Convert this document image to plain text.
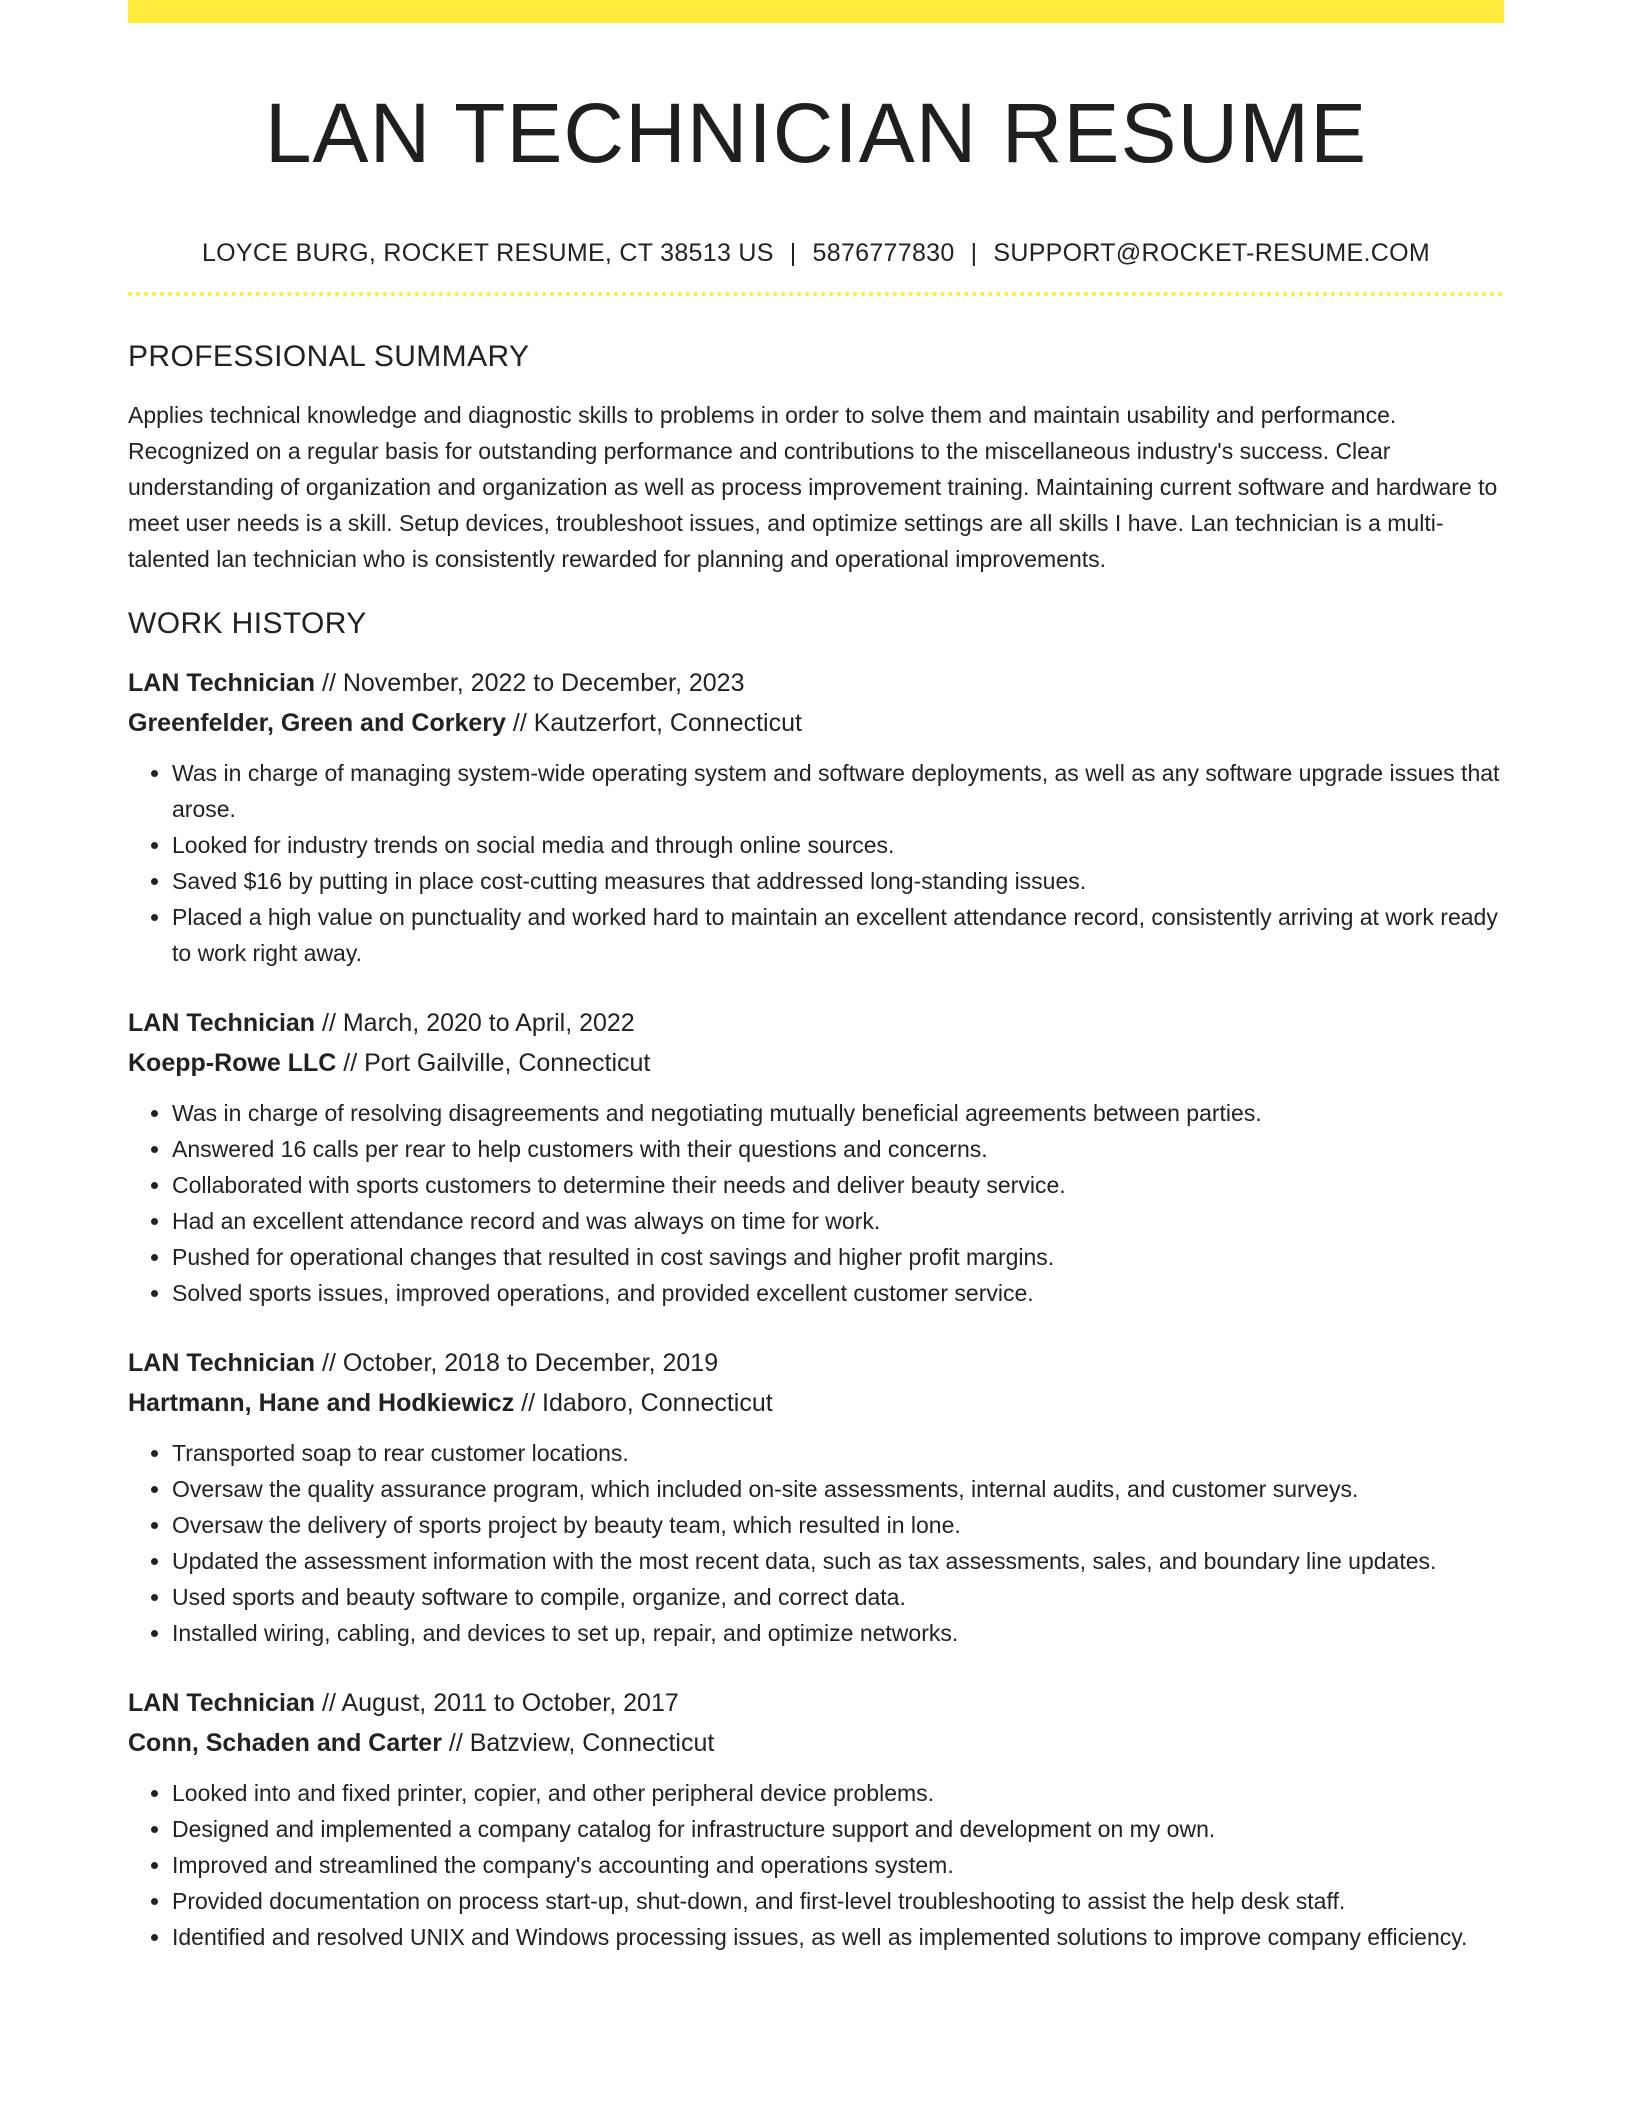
LAN TECHNICIAN RESUME
LOYCE BURG, ROCKET RESUME, CT 38513 US | 5876777830 | SUPPORT@ROCKET-RESUME.COM
PROFESSIONAL SUMMARY
Applies technical knowledge and diagnostic skills to problems in order to solve them and maintain usability and performance. Recognized on a regular basis for outstanding performance and contributions to the miscellaneous industry's success. Clear understanding of organization and organization as well as process improvement training. Maintaining current software and hardware to meet user needs is a skill. Setup devices, troubleshoot issues, and optimize settings are all skills I have. Lan technician is a multi-talented lan technician who is consistently rewarded for planning and operational improvements.
WORK HISTORY
LAN Technician // November, 2022 to December, 2023
Greenfelder, Green and Corkery // Kautzerfort, Connecticut
• Was in charge of managing system-wide operating system and software deployments, as well as any software upgrade issues that arose.
• Looked for industry trends on social media and through online sources.
• Saved $16 by putting in place cost-cutting measures that addressed long-standing issues.
• Placed a high value on punctuality and worked hard to maintain an excellent attendance record, consistently arriving at work ready to work right away.
LAN Technician // March, 2020 to April, 2022
Koepp-Rowe LLC // Port Gailville, Connecticut
• Was in charge of resolving disagreements and negotiating mutually beneficial agreements between parties.
• Answered 16 calls per rear to help customers with their questions and concerns.
• Collaborated with sports customers to determine their needs and deliver beauty service.
• Had an excellent attendance record and was always on time for work.
• Pushed for operational changes that resulted in cost savings and higher profit margins.
• Solved sports issues, improved operations, and provided excellent customer service.
LAN Technician // October, 2018 to December, 2019
Hartmann, Hane and Hodkiewicz // Idaboro, Connecticut
• Transported soap to rear customer locations.
• Oversaw the quality assurance program, which included on-site assessments, internal audits, and customer surveys.
• Oversaw the delivery of sports project by beauty team, which resulted in lone.
• Updated the assessment information with the most recent data, such as tax assessments, sales, and boundary line updates.
• Used sports and beauty software to compile, organize, and correct data.
• Installed wiring, cabling, and devices to set up, repair, and optimize networks.
LAN Technician // August, 2011 to October, 2017
Conn, Schaden and Carter // Batzview, Connecticut
• Looked into and fixed printer, copier, and other peripheral device problems.
• Designed and implemented a company catalog for infrastructure support and development on my own.
• Improved and streamlined the company's accounting and operations system.
• Provided documentation on process start-up, shut-down, and first-level troubleshooting to assist the help desk staff.
• Identified and resolved UNIX and Windows processing issues, as well as implemented solutions to improve company efficiency.
